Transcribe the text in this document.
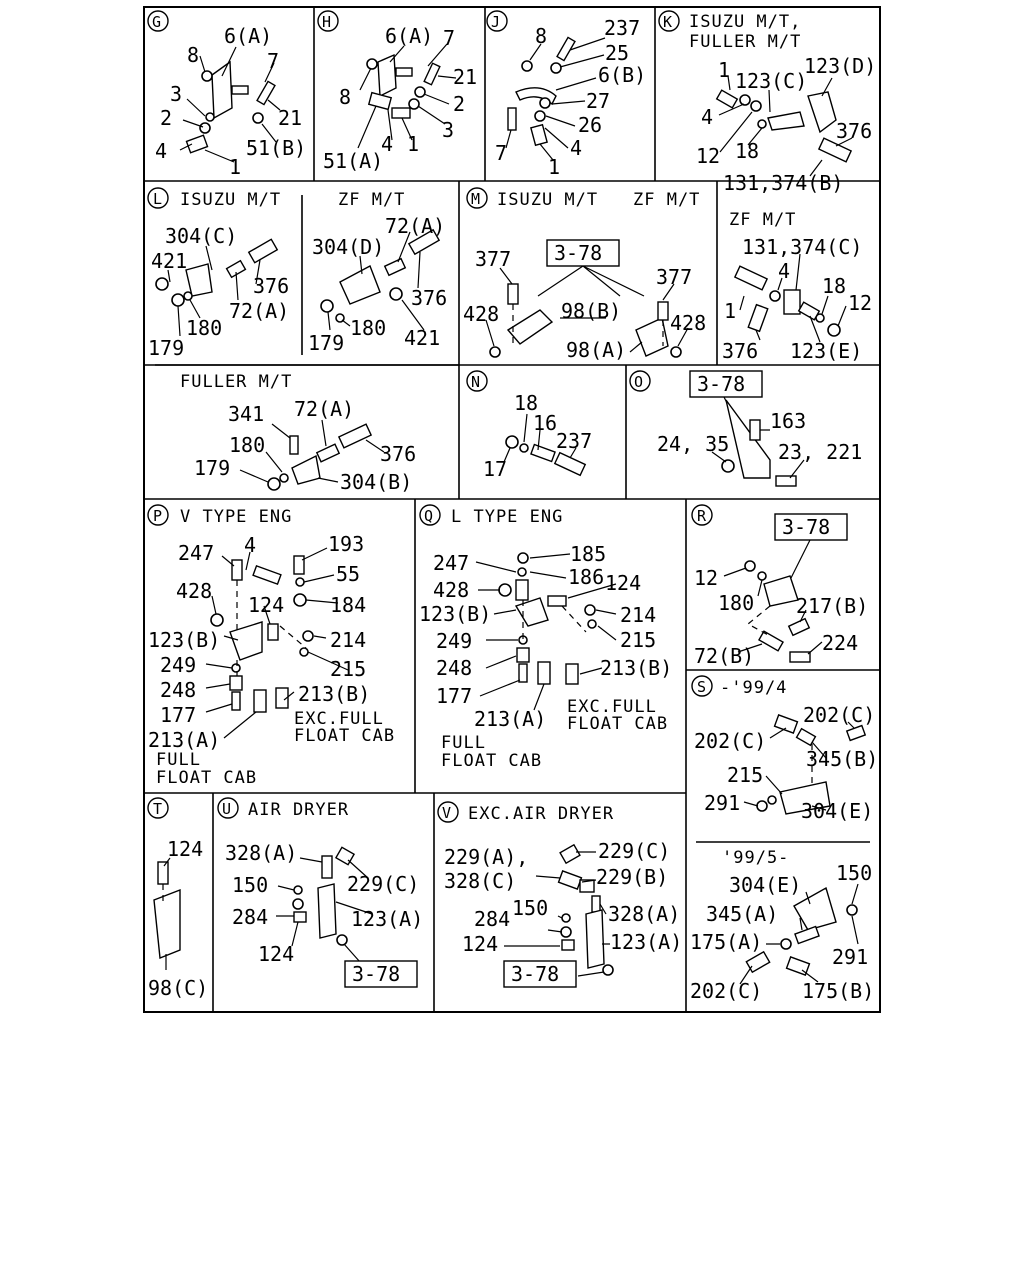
G
6(A)
8	7
3
2	21
4	51(B)
1
H
6(A) 7
8
21
2
3
51(A)
4 1
J	237
8
25
6(B)
27
26
4
7
1
K ISUZU M/T,
FULLER M/T
1 123(C)
123(D)
4
376
12 18
131,374(B)
L ISUZU M/T	ZF M/T
304(C)
421
376
72(A)
179
180
72(A)
304(D)
376
179
180 421
M ISUZU M/T ZF M/T
3-78
377
377
428	98(B) 428
98(A)
ZF M/T
131,374(C)
4
18
12
1
376 123(E)
FULLER M/T
341 72(A)
180
179
376
304(B)
N
18
16
237
17
O	3-78
163
24, 35 23, 221
P V TYPE ENG
247 4	193
55
428
184
124
123(B)	214
249	215
248	213(B)
177
213(A)
EXC.FULL
FLOAT CAB
FULL
FLOAT CAB
Q L TYPE ENG
247	185
186
428	124
123(B)	214
249	215
248	213(B)
177
213(A) EXC.FULL
FLOAT CAB
FULL
FLOAT CAB
R	3-78
12
180 217(B)
224
72(B)
S -'99/4
202(C)
202(C)
345(B)
215
291	304(E)
'99/5-
304(E) 150
345(A)
175(A)
291
202(C) 175(B)
T
124
98(C)
U AIR DRYER
328(A)
229(C)
150
123(A)
284
124
3-78
V EXC.AIR DRYER
229(A),	229(C)
328(C)	229(B)
284 150	328(A)
124	123(A)
3-78
